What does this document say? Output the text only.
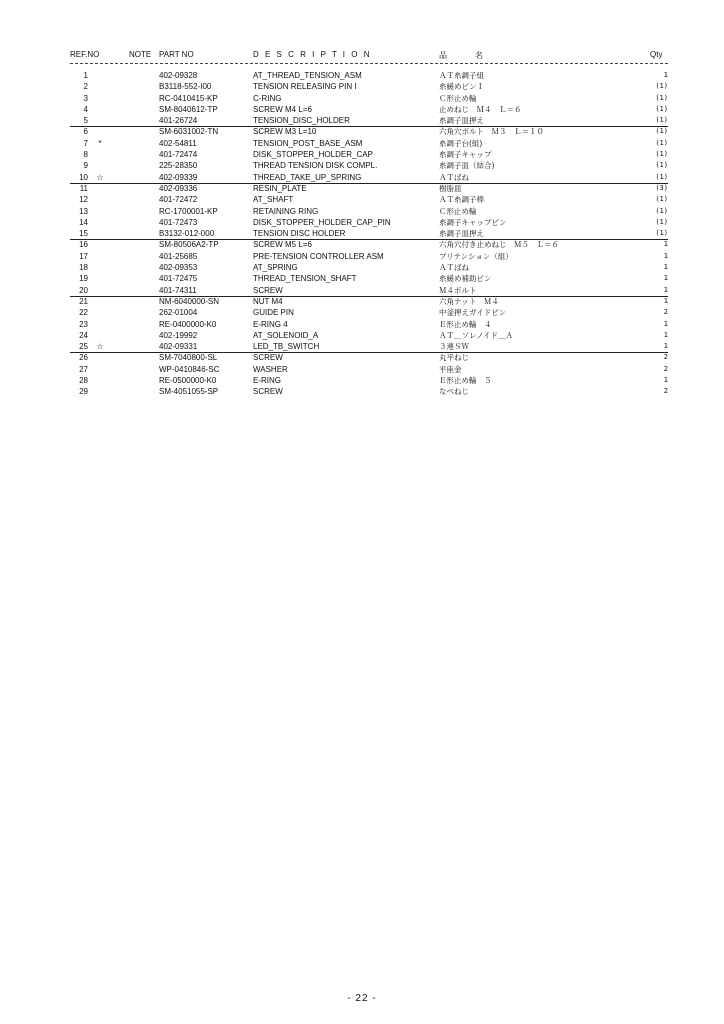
REF.NO	NOTE PART NO	D E S C R I P T I O N	品　名	Qty
1	402-09328	AT_THREAD_TENSION_ASM	ＡＴ糸調子組	1
2	B3118-552-I00	TENSION RELEASING PIN I	糸緩めピンＩ	(1)
3	RC-0410415-KP	C-RING	Ｃ形止め輪	(1)
4	SM-8040612-TP	SCREW M4 L=6	止めねじ　Ｍ４　Ｌ＝６	(1)
5	401-26724	TENSION_DISC_HOLDER	糸調子皿押え	(1)
6	SM-6031002-TN	SCREW M3 L=10	六角穴ボルト　Ｍ３　Ｌ＝１０	(1)
7	*	402-54811	TENSION_POST_BASE_ASM	糸調子台(組)	(1)
8	401-72474	DISK_STOPPER_HOLDER_CAP	糸調子キャップ	(1)
9	225-28350	THREAD TENSION DISK COMPL.	糸調子皿（結合)	(1)
10	☆	402-09339	THREAD_TAKE_UP_SPRING	ＡＴばね	(1)
11	402-09336	RESIN_PLATE	樹脂皿	(3)
12	401-72472	AT_SHAFT	ＡＴ糸調子棒	(1)
13	RC-1700001-KP	RETAINING RING	Ｃ形止め輪	(1)
14	401-72473	DISK_STOPPER_HOLDER_CAP_PIN	糸調子キャップピン	(1)
15	B3132-012-000	TENSION DISC HOLDER	糸調子皿押え	(1)
16	SM-80506A2-TP	SCREW M5 L=6	六角穴付き止めねじ　Ｍ５　Ｌ＝６	1
17	401-25685	PRE-TENSION CONTROLLER ASM	プリテンション（組）	1
18	402-09353	AT_SPRING	ＡＴばね	1
19	401-72475	THREAD_TENSION_SHAFT	糸緩め補助ピン	1
20	401-74311	SCREW	Ｍ４ボルト	1
21	NM-6040000-SN	NUT M4	六角ナット　Ｍ４	1
22	262-01004	GUIDE PIN	中釜押えガイドピン	2
23	RE-0400000-K0	E-RING 4	Ｅ形止め輪　４	1
24	402-19992	AT_SOLENOID_A	ＡＴ＿ソレノイド＿Ａ	1
25	☆	402-09331	LED_TB_SWITCH	３連ＳＷ	1
26	SM-7040800-SL	SCREW	丸平ねじ	2
27	WP-0410846-SC	WASHER	平座金	2
28	RE-0500000-K0	E-RING	Ｅ形止め輪　５	1
29	SM-4051055-SP	SCREW	なべねじ	2
- 22 -
